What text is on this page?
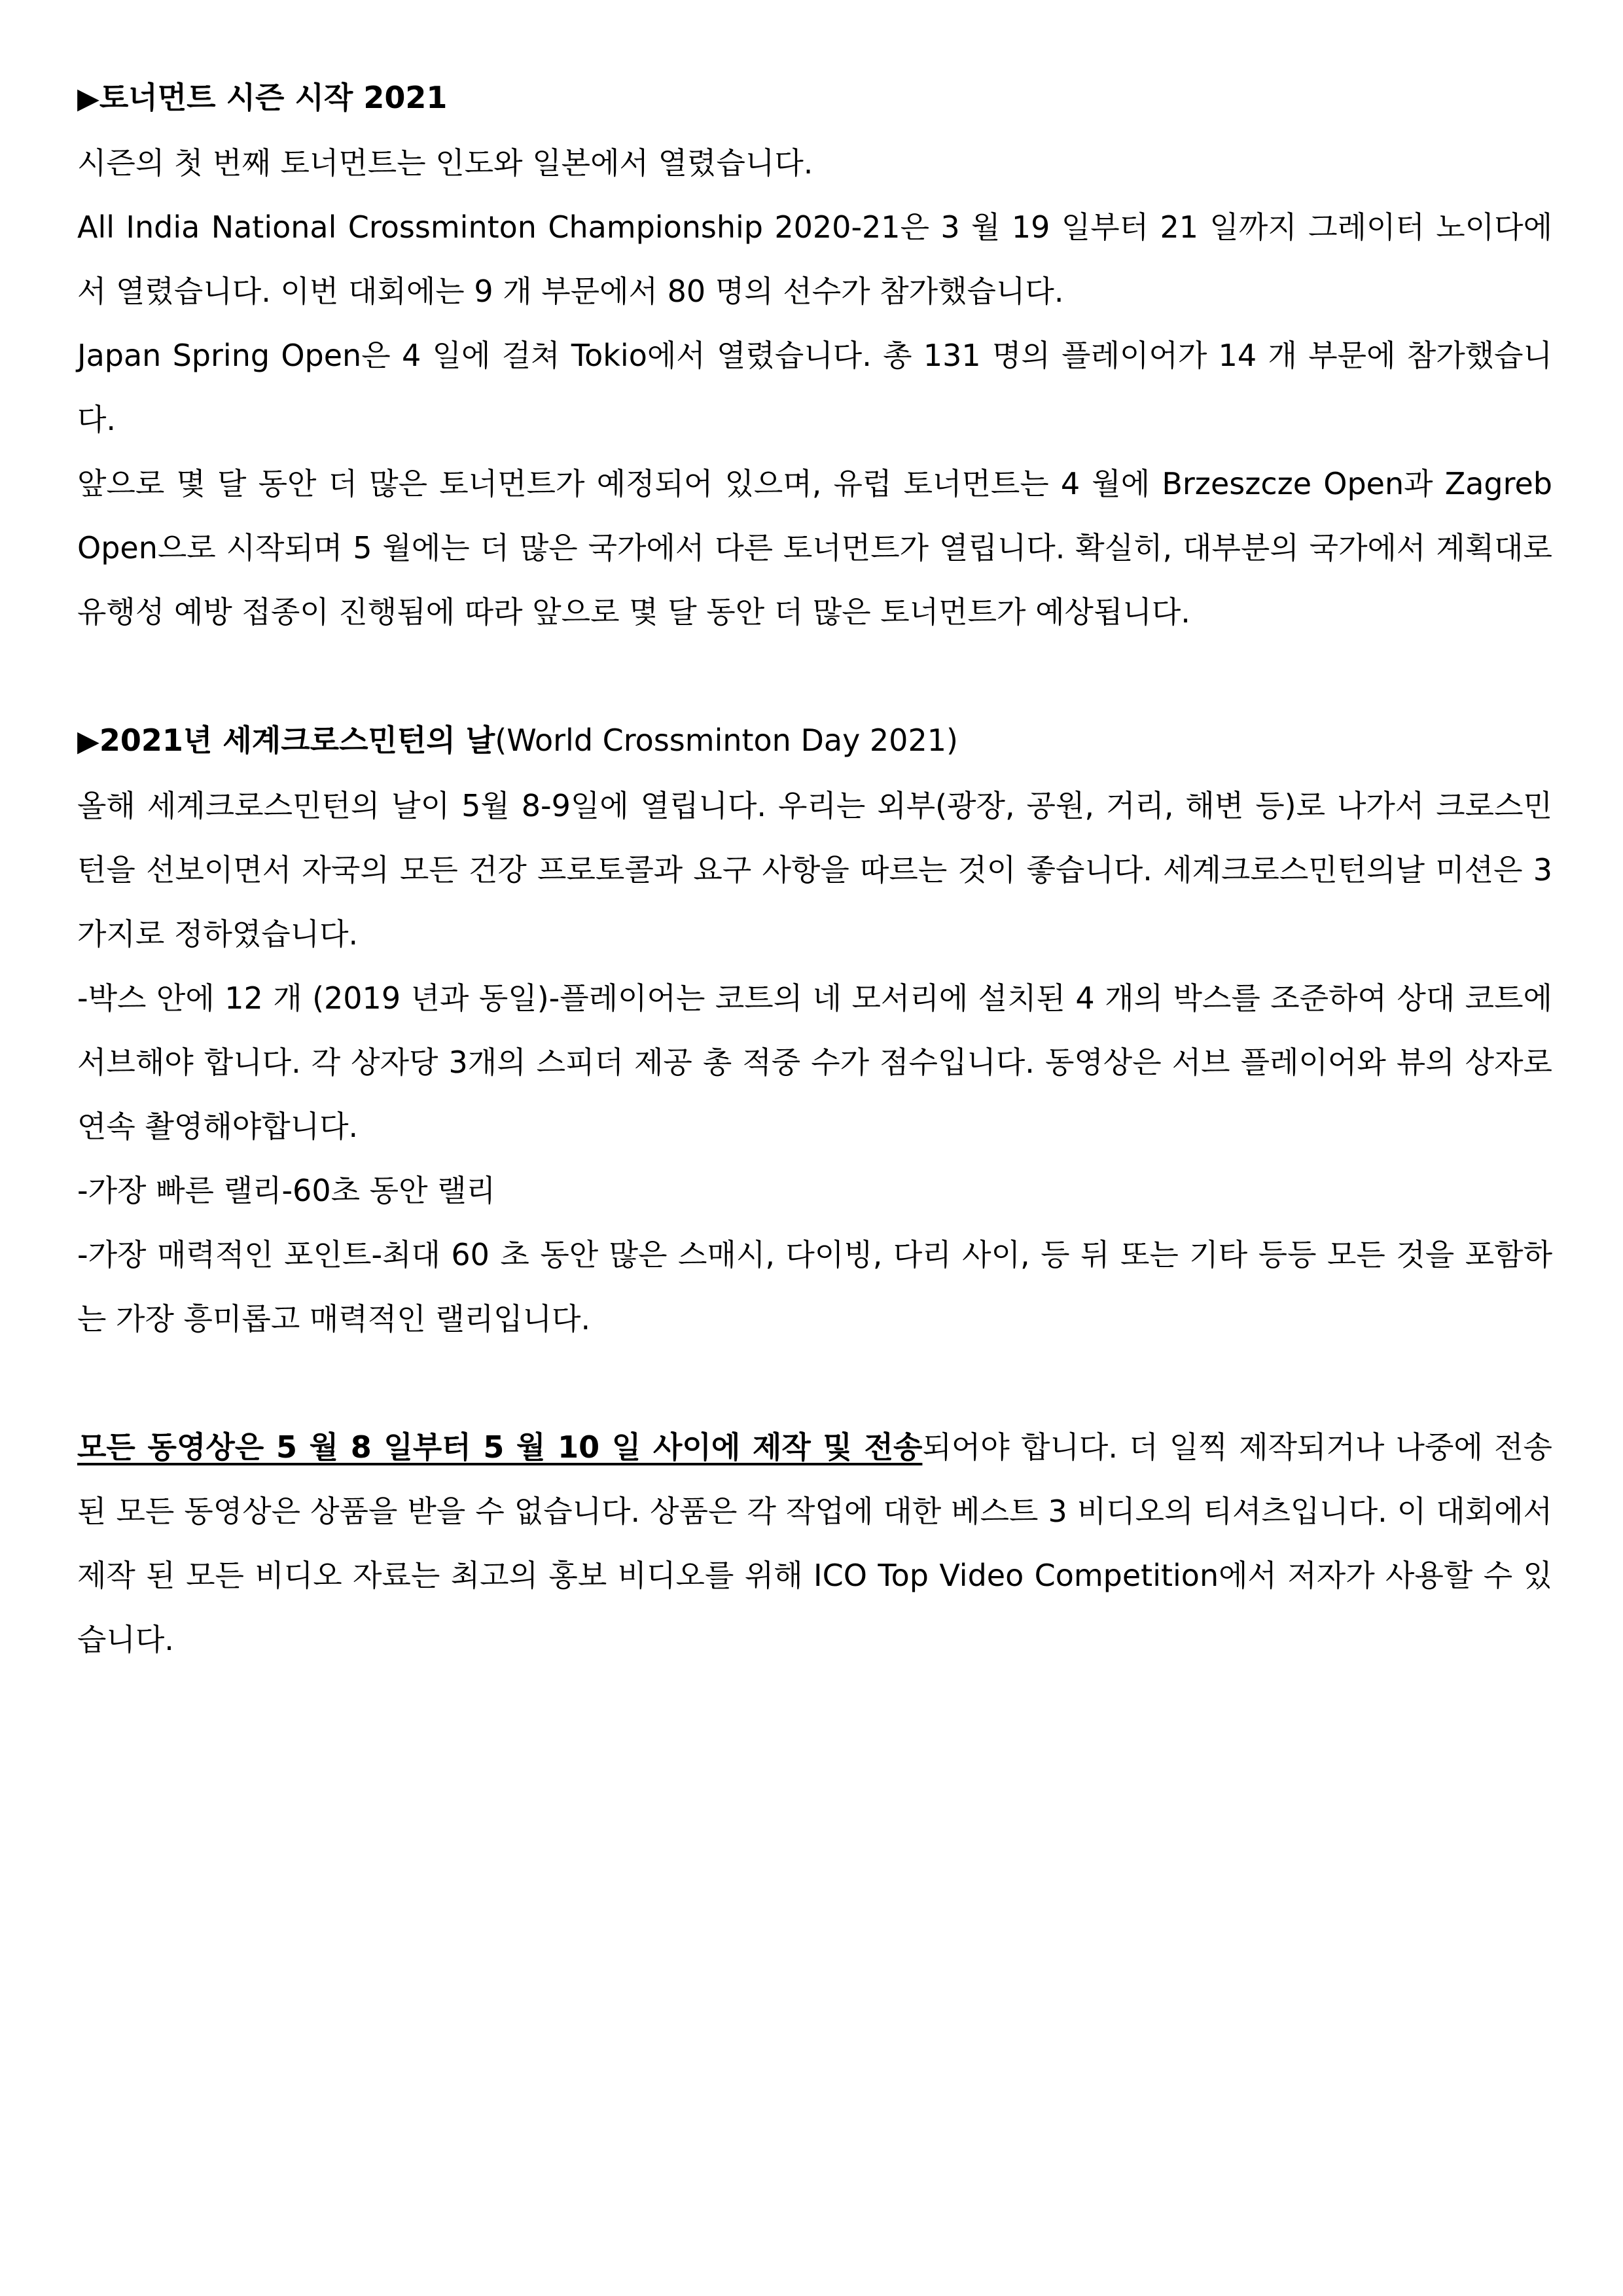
▶토너먼트 시즌 시작 2021

시즌의 첫 번째 토너먼트는 인도와 일본에서 열렸습니다.

All India National Crossminton Championship 2020-21은 3 월 19 일부터 21 일까지 그레이터 노이다에서 열렸습니다. 이번 대회에는 9 개 부문에서 80 명의 선수가 참가했습니다.

Japan Spring Open은 4 일에 걸쳐 Tokio에서 열렸습니다. 총 131 명의 플레이어가 14 개 부문에 참가했습니다.

앞으로 몇 달 동안 더 많은 토너먼트가 예정되어 있으며, 유럽 토너먼트는 4 월에 Brzeszcze Open과 Zagreb Open으로 시작되며 5 월에는 더 많은 국가에서 다른 토너먼트가 열립니다. 확실히, 대부분의 국가에서 계획대로 유행성 예방 접종이 진행됨에 따라 앞으로 몇 달 동안 더 많은 토너먼트가 예상됩니다.

▶2021년 세계크로스민턴의 날(World Crossminton Day 2021)

올해 세계크로스민턴의 날이 5월 8-9일에 열립니다. 우리는 외부(광장, 공원, 거리, 해변 등)로 나가서 크로스민턴을 선보이면서 자국의 모든 건강 프로토콜과 요구 사항을 따르는 것이 좋습니다. 세계크로스민턴의날 미션은 3가지로 정하였습니다.

-박스 안에 12 개 (2019 년과 동일)-플레이어는 코트의 네 모서리에 설치된 4 개의 박스를 조준하여 상대 코트에 서브해야 합니다. 각 상자당 3개의 스피더 제공 총 적중 수가 점수입니다. 동영상은 서브 플레이어와 뷰의 상자로 연속 촬영해야합니다.

-가장 빠른 랠리-60초 동안 랠리

-가장 매력적인 포인트-최대 60 초 동안 많은 스매시, 다이빙, 다리 사이, 등 뒤 또는 기타 등등 모든 것을 포함하는 가장 흥미롭고 매력적인 랠리입니다.

모든 동영상은 5 월 8 일부터 5 월 10 일 사이에 제작 및 전송되어야 합니다. 더 일찍 제작되거나 나중에 전송 된 모든 동영상은 상품을 받을 수 없습니다. 상품은 각 작업에 대한 베스트 3 비디오의 티셔츠입니다. 이 대회에서 제작 된 모든 비디오 자료는 최고의 홍보 비디오를 위해 ICO Top Video Competition에서 저자가 사용할 수 있습니다.
